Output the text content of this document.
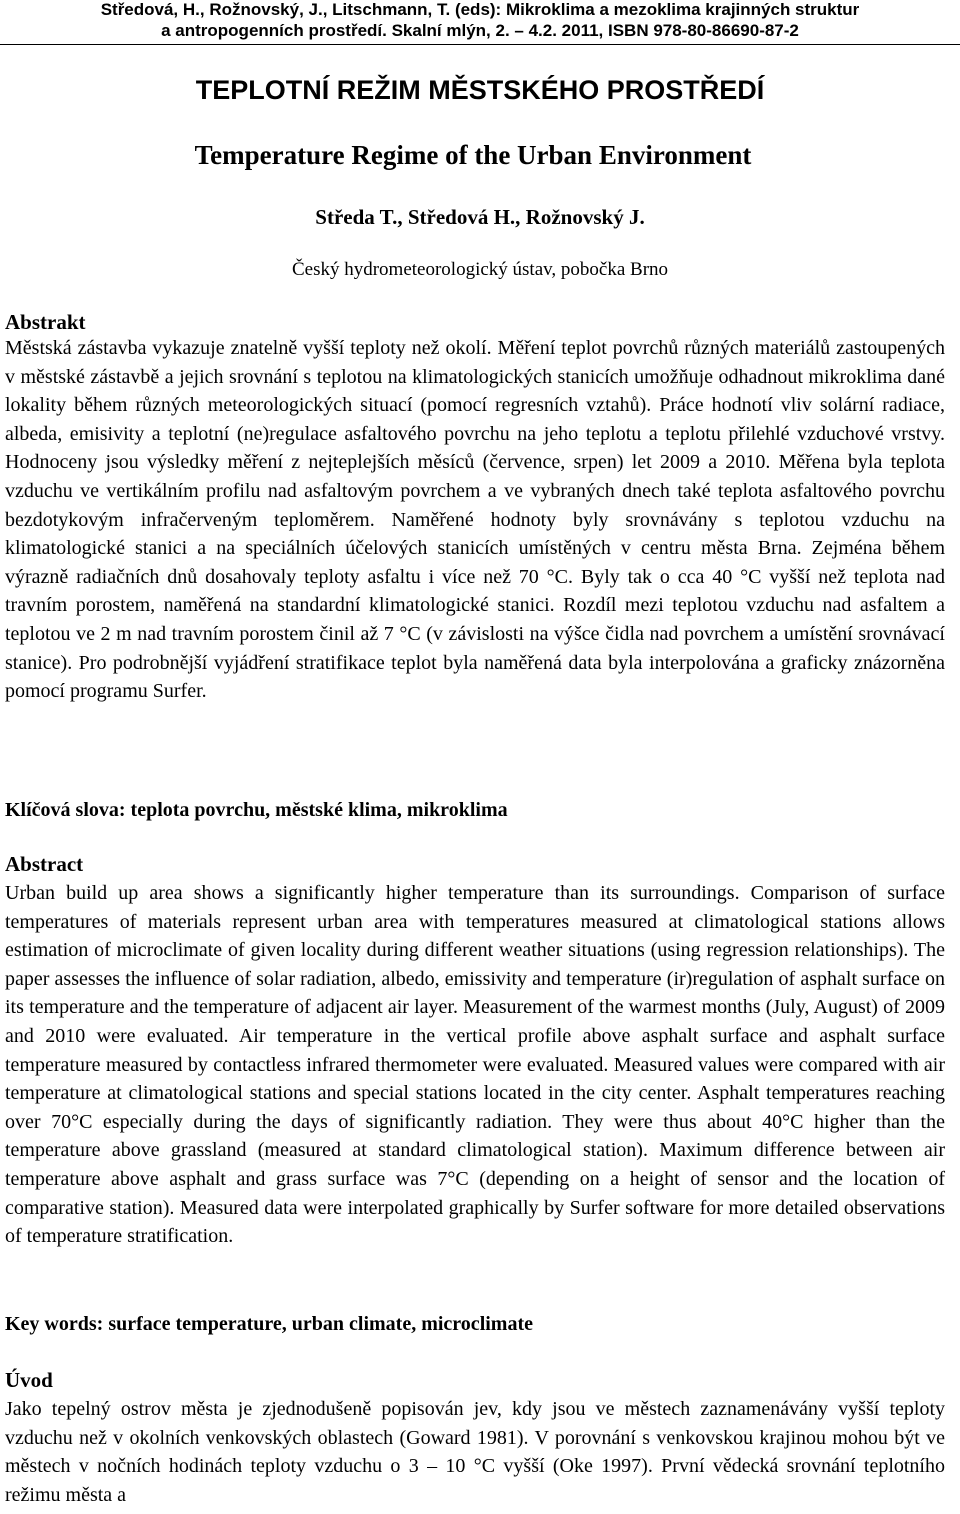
Středová, H., Rožnovský, J., Litschmann, T. (eds): Mikroklima a mezoklima krajinných struktur
a antropogenních prostředí. Skalní mlýn, 2. – 4.2. 2011, ISBN 978-80-86690-87-2
TEPLOTNÍ REŽIM MĚSTSKÉHO PROSTŘEDÍ
Temperature Regime of the Urban Environment
Středa T., Středová H., Rožnovský J.
Český hydrometeorologický ústav, pobočka Brno
Abstrakt
Městská zástavba vykazuje znatelně vyšší teploty než okolí. Měření teplot povrchů různých materiálů zastoupených v městské zástavbě a jejich srovnání s teplotou na klimatologických stanicích umožňuje odhadnout mikroklima dané lokality během různých meteorologických situací (pomocí regresních vztahů). Práce hodnotí vliv solární radiace, albeda, emisivity a teplotní (ne)regulace asfaltového povrchu na jeho teplotu a teplotu přilehlé vzduchové vrstvy. Hodnoceny jsou výsledky měření z nejteplejších měsíců (července, srpen) let 2009 a 2010. Měřena byla teplota vzduchu ve vertikálním profilu nad asfaltovým povrchem a ve vybraných dnech také teplota asfaltového povrchu bezdotykovým infračerveným teploměrem. Naměřené hodnoty byly srovnávány s teplotou vzduchu na klimatologické stanici a na speciálních účelových stanicích umístěných v centru města Brna. Zejména během výrazně radiačních dnů dosahovaly teploty asfaltu i více než 70 °C. Byly tak o cca 40 °C vyšší než teplota nad travním porostem, naměřená na standardní klimatologické stanici. Rozdíl mezi teplotou vzduchu nad asfaltem a teplotou ve 2 m nad travním porostem činil až 7 °C (v závislosti na výšce čidla nad povrchem a umístění srovnávací stanice). Pro podrobnější vyjádření stratifikace teplot byla naměřená data byla interpolována a graficky znázorněna pomocí programu Surfer.
Klíčová slova: teplota povrchu, městské klima, mikroklima
Abstract
Urban build up area shows a significantly higher temperature than its surroundings. Comparison of surface temperatures of materials represent urban area with temperatures measured at climatological stations allows estimation of microclimate of given locality during different weather situations (using regression relationships). The paper assesses the influence of solar radiation, albedo, emissivity and temperature (ir)regulation of asphalt surface on its temperature and the temperature of adjacent air layer. Measurement of the warmest months (July, August) of 2009 and 2010 were evaluated. Air temperature in the vertical profile above asphalt surface and asphalt surface temperature measured by contactless infrared thermometer were evaluated. Measured values were compared with air temperature at climatological stations and special stations located in the city center. Asphalt temperatures reaching over 70°C especially during the days of significantly radiation. They were thus about 40°C higher than the temperature above grassland (measured at standard climatological station). Maximum difference between air temperature above asphalt and grass surface was 7°C (depending on a height of sensor and the location of comparative station). Measured data were interpolated graphically by Surfer software for more detailed observations of temperature stratification.
Key words: surface temperature, urban climate, microclimate
Úvod
Jako tepelný ostrov města je zjednodušeně popisován jev, kdy jsou ve městech zaznamenávány vyšší teploty vzduchu než v okolních venkovských oblastech (Goward 1981). V porovnání s venkovskou krajinou mohou být ve městech v nočních hodinách teploty vzduchu o 3 – 10 °C vyšší (Oke 1997). První vědecká srovnání teplotního režimu města a
